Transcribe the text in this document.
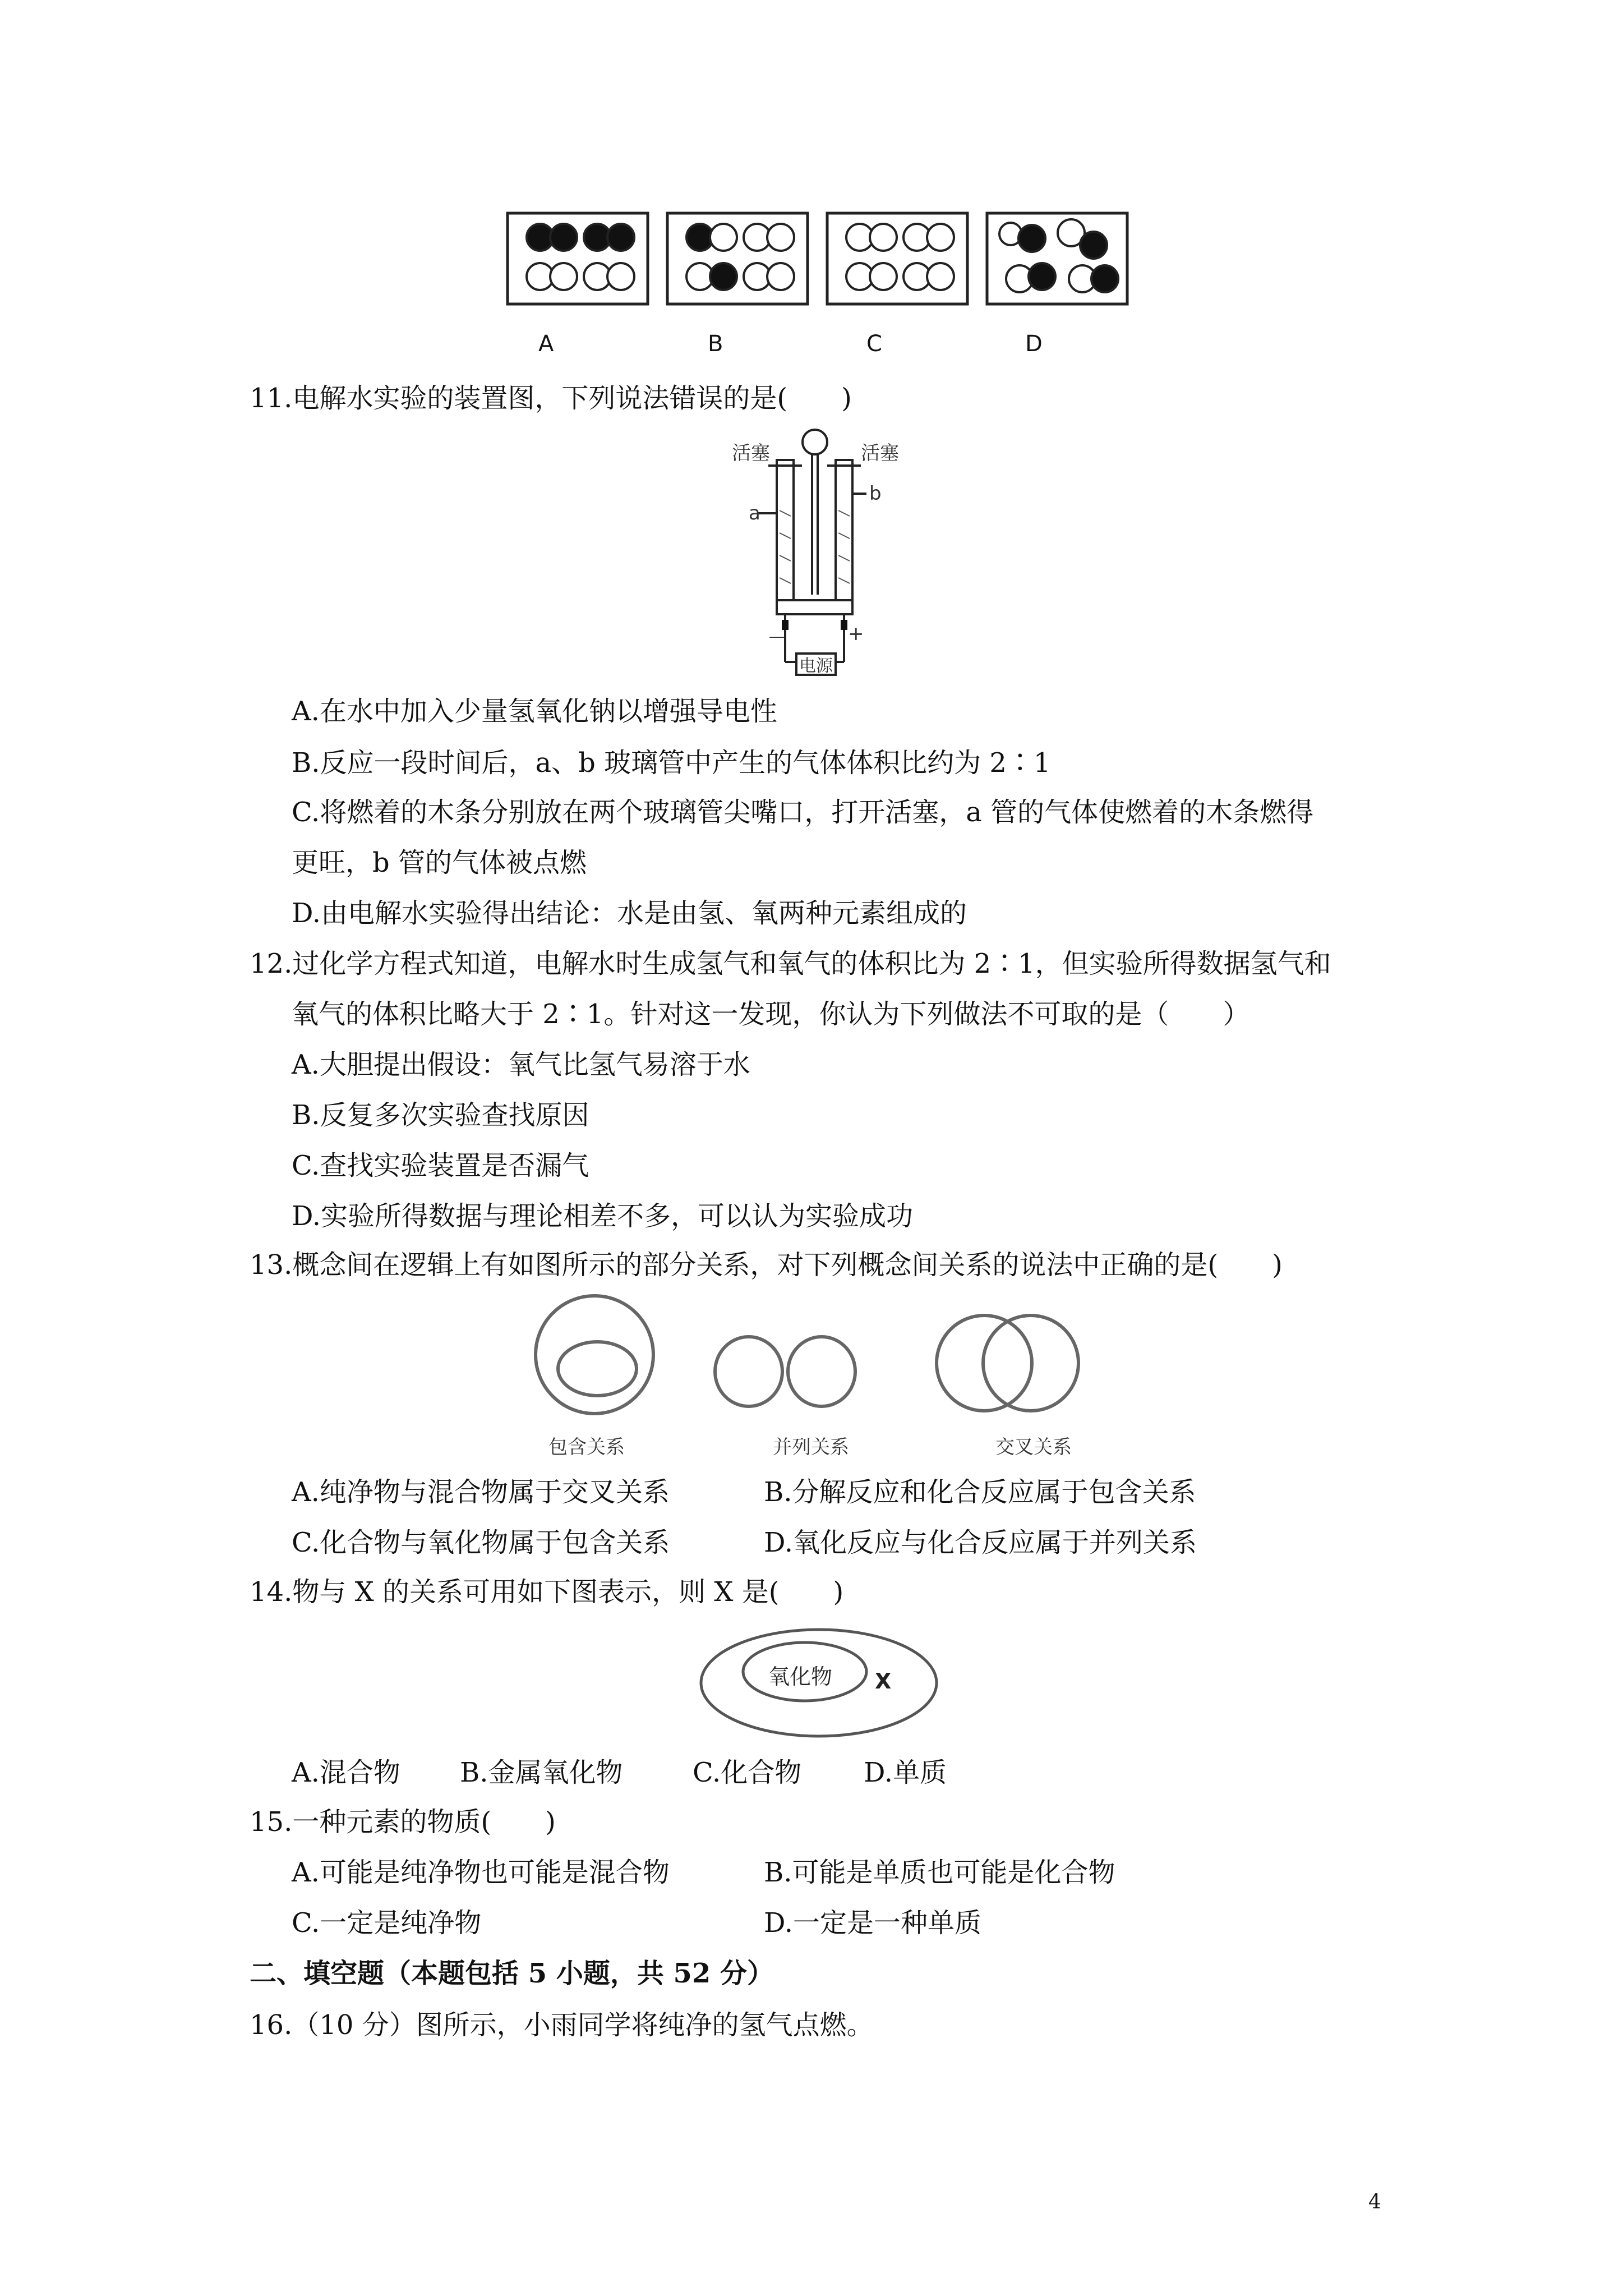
A	B	C	D
11.电解水实验的装置图，下列说法错误的是(　　)
活塞	活塞
a
b
－	+
电源
A.在水中加入少量氢氧化钠以增强导电性
B.反应一段时间后，a、b 玻璃管中产生的气体体积比约为 2∶1
C.将燃着的木条分别放在两个玻璃管尖嘴口，打开活塞，a 管的气体使燃着的木条燃得
更旺，b 管的气体被点燃
D.由电解水实验得出结论：水是由氢、氧两种元素组成的
12.过化学方程式知道，电解水时生成氢气和氧气的体积比为 2∶1，但实验所得数据氢气和
氧气的体积比略大于 2∶1。针对这一发现，你认为下列做法不可取的是（　　）
A.大胆提出假设：氧气比氢气易溶于水
B.反复多次实验查找原因
C.查找实验装置是否漏气
D.实验所得数据与理论相差不多，可以认为实验成功
13.概念间在逻辑上有如图所示的部分关系，对下列概念间关系的说法中正确的是(　　)
包含关系	并列关系	交叉关系
A.纯净物与混合物属于交叉关系	B.分解反应和化合反应属于包含关系
C.化合物与氧化物属于包含关系	D.氧化反应与化合反应属于并列关系
14.物与 X 的关系可用如下图表示，则 X 是(　　)
氧化物 X
A.混合物 B.金属氧化物	C.化合物 D.单质
15.一种元素的物质(　　)
A.可能是纯净物也可能是混合物	B.可能是单质也可能是化合物
C.一定是纯净物	D.一定是一种单质
二、填空题（本题包括 5 小题，共 52 分）
16.（10 分）图所示，小雨同学将纯净的氢气点燃。
4
